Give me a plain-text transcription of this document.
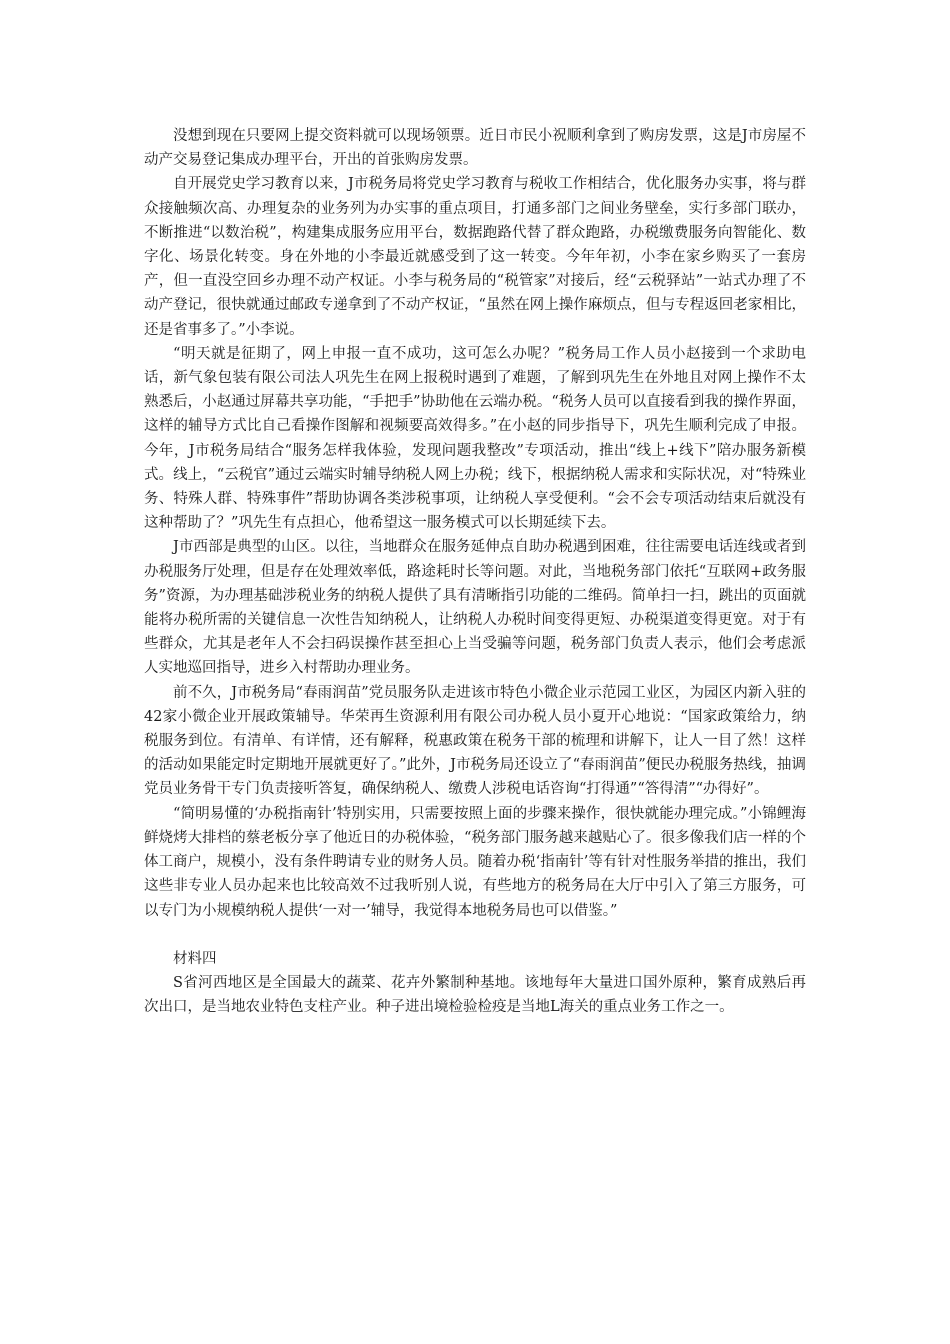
没想到现在只要网上提交资料就可以现场领票。近日市民小祝顺利拿到了购房发票，这是J市房屋不动产交易登记集成办理平台，开出的首张购房发票。

自开展党史学习教育以来，J市税务局将党史学习教育与税收工作相结合，优化服务办实事，将与群众接触频次高、办理复杂的业务列为办实事的重点项目，打通多部门之间业务壁垒，实行多部门联办，不断推进“以数治税”，构建集成服务应用平台，数据跑路代替了群众跑路，办税缴费服务向智能化、数字化、场景化转变。身在外地的小李最近就感受到了这一转变。今年年初，小李在家乡购买了一套房产，但一直没空回乡办理不动产权证。小李与税务局的“税管家”对接后，经“云税驿站”一站式办理了不动产登记，很快就通过邮政专递拿到了不动产权证，“虽然在网上操作麻烦点，但与专程返回老家相比，还是省事多了。”小李说。

“明天就是征期了，网上申报一直不成功，这可怎么办呢？”税务局工作人员小赵接到一个求助电话，新气象包装有限公司法人巩先生在网上报税时遇到了难题，了解到巩先生在外地且对网上操作不太熟悉后，小赵通过屏幕共享功能，“手把手”协助他在云端办税。“税务人员可以直接看到我的操作界面，这样的辅导方式比自己看操作图解和视频要高效得多。”在小赵的同步指导下，巩先生顺利完成了申报。今年，J市税务局结合“服务怎样我体验，发现问题我整改”专项活动，推出“线上+线下”陪办服务新模式。线上，“云税官”通过云端实时辅导纳税人网上办税；线下，根据纳税人需求和实际状况，对“特殊业务、特殊人群、特殊事件”帮助协调各类涉税事项，让纳税人享受便利。“会不会专项活动结束后就没有这种帮助了？”巩先生有点担心，他希望这一服务模式可以长期延续下去。

J市西部是典型的山区。以往，当地群众在服务延伸点自助办税遇到困难，往往需要电话连线或者到办税服务厅处理，但是存在处理效率低，路途耗时长等问题。对此，当地税务部门依托“互联网+政务服务”资源，为办理基础涉税业务的纳税人提供了具有清晰指引功能的二维码。简单扫一扫，跳出的页面就能将办税所需的关键信息一次性告知纳税人，让纳税人办税时间变得更短、办税渠道变得更宽。对于有些群众，尤其是老年人不会扫码误操作甚至担心上当受骗等问题，税务部门负责人表示，他们会考虑派人实地巡回指导，进乡入村帮助办理业务。

前不久，J市税务局“春雨润苗”党员服务队走进该市特色小微企业示范园工业区，为园区内新入驻的42家小微企业开展政策辅导。华荣再生资源利用有限公司办税人员小夏开心地说：“国家政策给力，纳税服务到位。有清单、有详情，还有解释，税惠政策在税务干部的梳理和讲解下，让人一目了然！这样的活动如果能定时定期地开展就更好了。”此外，J市税务局还设立了“春雨润苗”便民办税服务热线，抽调党员业务骨干专门负责接听答复，确保纳税人、缴费人涉税电话咨询“打得通”“答得清”“办得好”。

“简明易懂的‘办税指南针’特别实用，只需要按照上面的步骤来操作，很快就能办理完成。”小锦鲤海鲜烧烤大排档的蔡老板分享了他近日的办税体验，“税务部门服务越来越贴心了。很多像我们店一样的个体工商户，规模小，没有条件聘请专业的财务人员。随着办税‘指南针’等有针对性服务举措的推出，我们这些非专业人员办起来也比较高效不过我听别人说，有些地方的税务局在大厅中引入了第三方服务，可以专门为小规模纳税人提供‘一对一’辅导，我觉得本地税务局也可以借鉴。”

材料四

S省河西地区是全国最大的蔬菜、花卉外繁制种基地。该地每年大量进口国外原种，繁育成熟后再次出口，是当地农业特色支柱产业。种子进出境检验检疫是当地L海关的重点业务工作之一。
